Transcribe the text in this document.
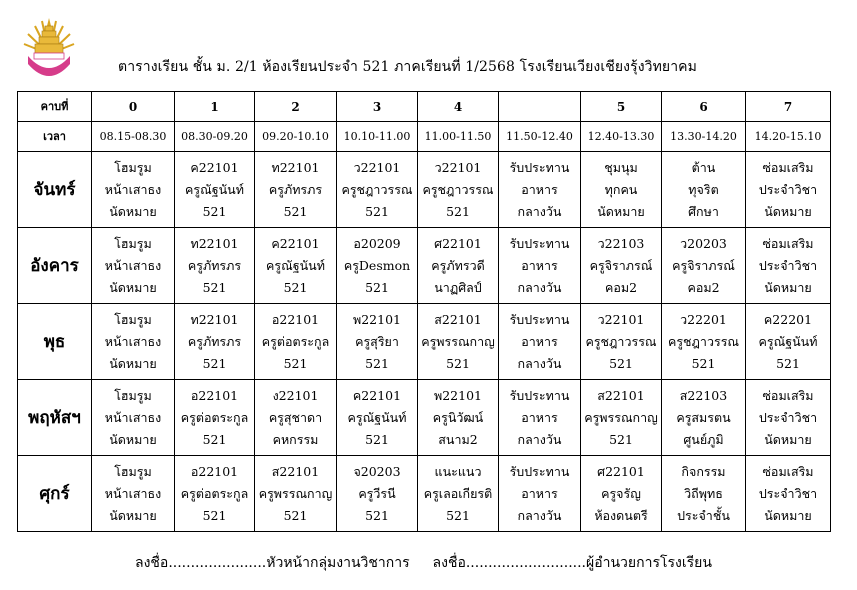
ตารางเรียน ชั้น ม. 2/1 ห้องเรียนประจำ 521 ภาคเรียนที่ 1/2568 โรงเรียนเวียงเชียงรุ้งวิทยาคม
คาบที่	0	1	2	3	4		5	6	7
เวลา	08.15-08.30	08.30-09.20	09.20-10.10	10.10-11.00	11.00-11.50	11.50-12.40	12.40-13.30	13.30-14.20	14.20-15.10
จันทร์	โฮมรูม
หน้าเสาธง
นัดหมาย	ค22101
ครูณัฐนันท์
521	ท22101
ครูภัทรภร
521	ว22101
ครูชฎาวรรณ
521	ว22101
ครูชฎาวรรณ
521	รับประทาน
อาหาร
กลางวัน	ชุมนุม
ทุกคน
นัดหมาย	ต้าน
ทุจริต
ศึกษา	ซ่อมเสริม
ประจำวิชา
นัดหมาย

อังคาร	โฮมรูม
หน้าเสาธง
นัดหมาย	ท22101
ครูภัทรภร
521	ค22101
ครูณัฐนันท์
521	อ20209
ครูDesmon
521	ศ22101
ครูภัทรวดี
นาฏศิลป์	รับประทาน
อาหาร
กลางวัน	ว22103
ครูจิราภรณ์
คอม2	ว20203
ครูจิราภรณ์
คอม2	ซ่อมเสริม
ประจำวิชา
นัดหมาย

พุธ	โฮมรูม
หน้าเสาธง
นัดหมาย	ท22101
ครูภัทรภร
521	อ22101
ครูต่อตระกูล
521	พ22101
ครูสุริยา
521	ส22101
ครูพรรณกาญ
521	รับประทาน
อาหาร
กลางวัน	ว22101
ครูชฎาวรรณ
521	ว22201
ครูชฎาวรรณ
521	ค22201
ครูณัฐนันท์
521

พฤหัสฯ	โฮมรูม
หน้าเสาธง
นัดหมาย	อ22101
ครูต่อตระกูล
521	ง22101
ครูสุชาดา
คหกรรม	ค22101
ครูณัฐนันท์
521	พ22101
ครูนิวัฒน์
สนาม2	รับประทาน
อาหาร
กลางวัน	ส22101
ครูพรรณกาญ
521	ส22103
ครูสมรตน
ศูนย์ภูมิ	ซ่อมเสริม
ประจำวิชา
นัดหมาย

ศุกร์	โฮมรูม
หน้าเสาธง
นัดหมาย	อ22101
ครูต่อตระกูล
521	ส22101
ครูพรรณกาญ
521	จ20203
ครูวีรนี
521	แนะแนว
ครูเลอเกียรติ
521	รับประทาน
อาหาร
กลางวัน	ศ22101
ครูจรัญ
ห้องดนตรี	กิจกรรม
วิถีพุทธ
ประจำชั้น	ซ่อมเสริม
ประจำวิชา
นัดหมาย
ลงชื่อ......................หัวหน้ากลุ่มงานวิชาการ ลงชื่อ...........................ผู้อำนวยการโรงเรียน
